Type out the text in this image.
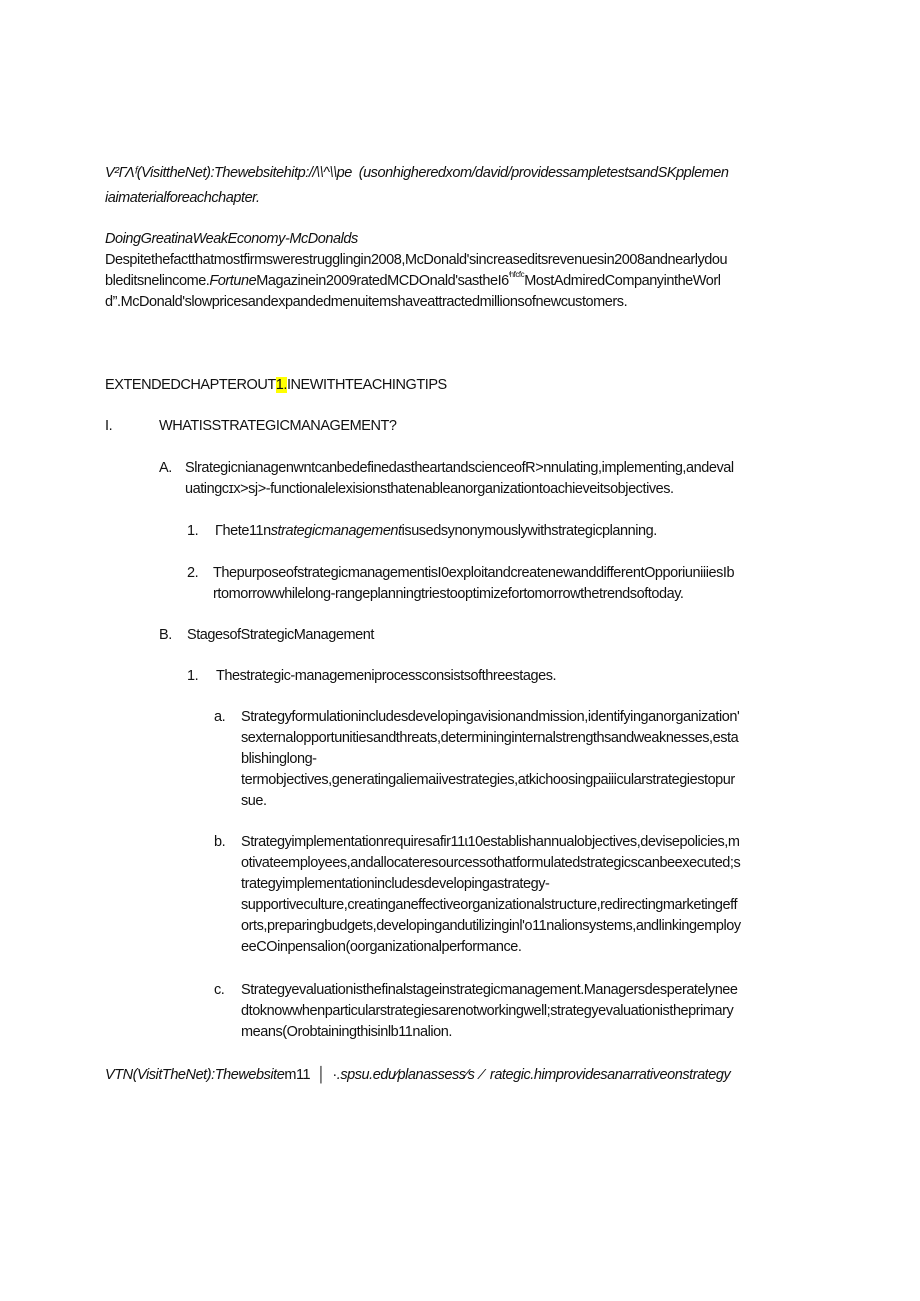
V²ΓΛᶠ(VisittheNet):Thewebsitehitp://\\^\\pe (usonhigheredxom/david/providessampletestsandSKpplemen
iaimaterialforeachchapter.
DoingGreatinaWeakEconomy-McDonalds
Despitethefactthatmostfirmswerestrugglingin2008,McDonald'sincreaseditsrevenuesin2008andnearlydou
$bleditsnelincome.FortuneMagazinein2009ratedMCDOnald'sastheI6^{ᶥhfcfc}MostAdmiredCompanyintheWorl$
d”.McDonald'slowpricesandexpandedmenuitemshaveattractedmillionsofnewcustomers.
EXTENDEDCHAPTEROUT1.INEWITHTEACHINGTIPS
I.	WHATISSTRATEGICMANAGEMENT?
A. SlrategicnianagenwntcanbedefinedastheartandscienceofR>nnulating,implementing,andeval
uatingcɪx>sj>-functionalelexisionsthatenableanorganizationtoachieveitsobjectives.
1. Γhete11nstrategicmanagementisusedsynonymouslywithstrategicplanning.
2. ThepurposeofstrategicmanagementisI0exploitandcreatenewanddifferentOpporiuniiiesIb
rtomorrowwhilelong-rangeplanningtriestooptimizefortomorrowthetrendsoftoday.
B. StagesofStrategicManagement
1. Thestrategic-managemeniprocessconsistsofthreestages.
a. Strategyformulationincludesdevelopingavisionandmission,identifyinganorganization'
sexternalopportunitiesandthreats,determininginternalstrengthsandweaknesses,esta
blishinglong-
termobjectives,generatingaliemaiivestrategies,atkichoosingpaiiicularstrategiestopur
sue.
b. Strategyimplementationrequiresafir11ɩ10establishannualobjectives,devisepolicies,m
otivateemployees,andallocateresourcessothatformulatedstrategicscanbeexecuted;s
trategyimplementationincludesdevelopingastrategy-
supportiveculture,creatinganeffectiveorganizationalstructure,redirectingmarketingeff
orts,preparingbudgets,developingandutilizinginl'o11nalionsystems,andlinkingemploy
eeCOinpensalion(oorganizationalperformance.
c. Strategyevaluationisthefinalstageinstrategicmanagement.Managersdesperatelynee
dtoknowwhenparticularstrategiesarenotworkingwell;strategyevaluationistheprimary
means(Orobtainingthisinlb11nalion.
VTN(VisitTheNet):Thewebsitem11 │ ·.spsu.edu⁄planassess⁄s ⁄ rategic.himprovidesanarrativeonstrategy
